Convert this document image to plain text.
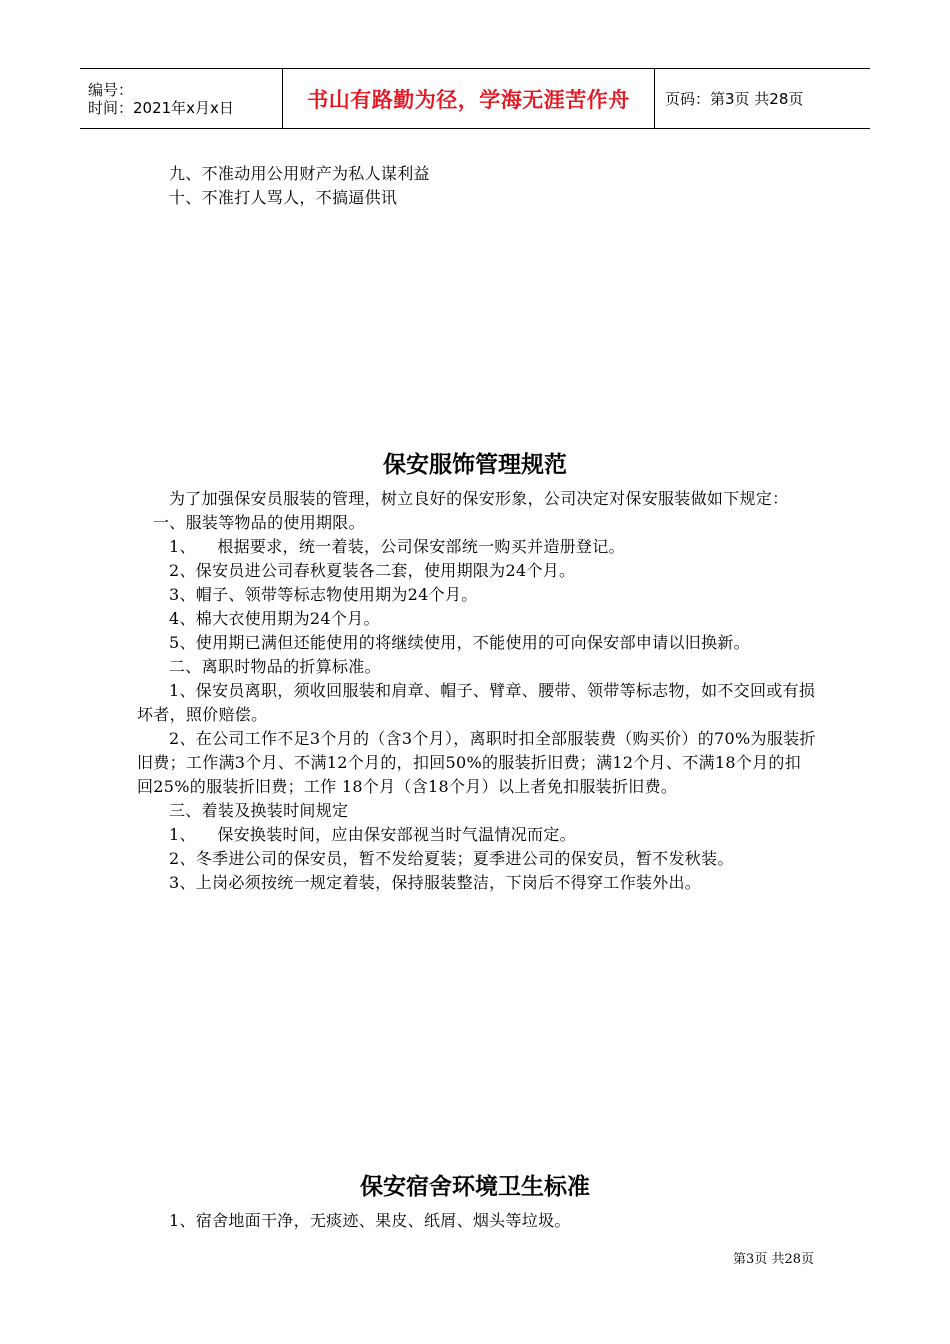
编号：
时间：2021年x月x日	书山有路勤为径，学海无涯苦作舟	页码：第3页 共28页

九、不准动用公用财产为私人谋利益

十、不准打人骂人，不搞逼供讯

保安服饰管理规范

为了加强保安员服装的管理，树立良好的保安形象，公司决定对保安服装做如下规定：

一、服装等物品的使用期限。

1、    根据要求，统一着装，公司保安部统一购买并造册登记。

2、保安员进公司春秋夏装各二套，使用期限为24个月。

3、帽子、领带等标志物使用期为24个月。

4、棉大衣使用期为24个月。

5、使用期已满但还能使用的将继续使用，不能使用的可向保安部申请以旧换新。

二、离职时物品的折算标准。

1、保安员离职，须收回服装和肩章、帽子、臂章、腰带、领带等标志物，如不交回或有损坏者，照价赔偿。

2、在公司工作不足3个月的（含3个月），离职时扣全部服装费（购买价）的70%为服装折旧费；工作满3个月、不满12个月的，扣回50%的服装折旧费；满12个月、不满18个月的扣回25%的服装折旧费；工作 18个月（含18个月）以上者免扣服装折旧费。

三、着装及换装时间规定

1、    保安换装时间，应由保安部视当时气温情况而定。

2、冬季进公司的保安员，暂不发给夏装；夏季进公司的保安员，暂不发秋装。

3、上岗必须按统一规定着装，保持服装整洁，下岗后不得穿工作装外出。

保安宿舍环境卫生标准

1、宿舍地面干净，无痰迹、果皮、纸屑、烟头等垃圾。

第3页 共28页
